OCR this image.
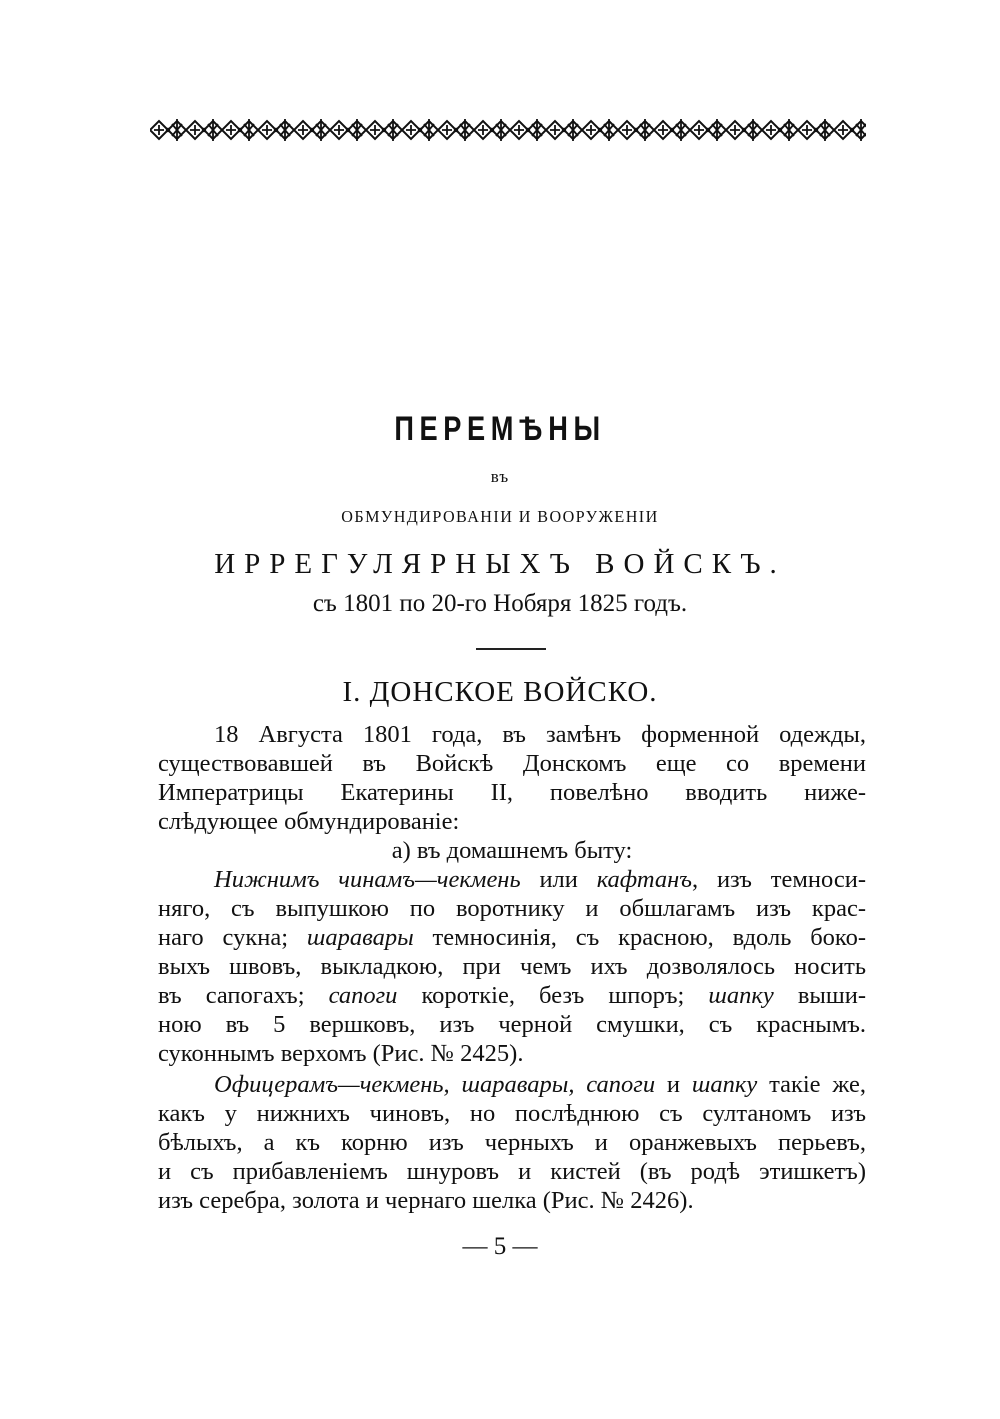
ПЕРЕМѢНЫ
въ
ОБМУНДИРОВАНІИ И ВООРУЖЕНІИ
ИРРЕГУЛЯРНЫХЪ ВОЙСКЪ.
съ 1801 по 20-го Нобяря 1825 годъ.
I. ДОНСКОЕ ВОЙСКО.
18 Августа 1801 года, въ замѣнъ форменной одежды,
существовавшей въ Войскѣ Донскомъ еще со времени
Императрицы Екатерины II, повелѣно вводить ниже-
слѣдующее обмундированіе:
а) въ домашнемъ быту:
Нижнимъ чинамъ—чекмень или кафтанъ, изъ темноси-
няго, съ выпушкою по воротнику и обшлагамъ изъ крас-
наго сукна; шаравары темносинія, съ красною, вдоль боко-
выхъ швовъ, выкладкою, при чемъ ихъ дозволялось носить
въ сапогахъ; сапоги короткіе, безъ шпоръ; шапку выши-
ною въ 5 вершковъ, изъ черной смушки, съ краснымъ.
суконнымъ верхомъ (Рис. № 2425).
Офицерамъ—чекмень, шаравары, сапоги и шапку такіе же,
какъ у нижнихъ чиновъ, но послѣднюю съ султаномъ изъ
бѣлыхъ, а къ корню изъ черныхъ и оранжевыхъ перьевъ,
и съ прибавленіемъ шнуровъ и кистей (въ родѣ этишкетъ)
изъ серебра, золота и чернаго шелка (Рис. № 2426).
— 5 —
